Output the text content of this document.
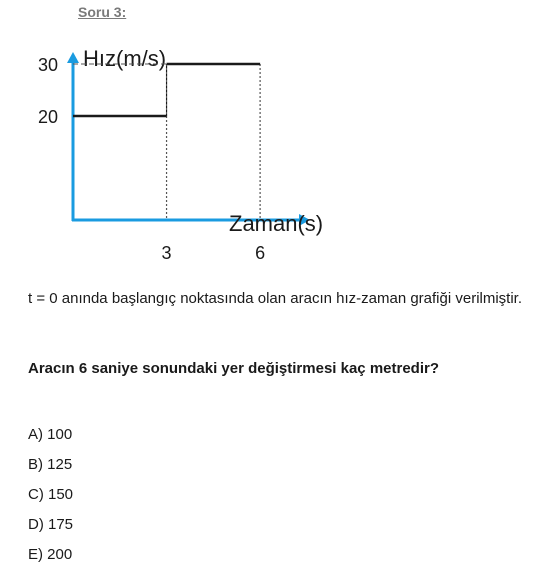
Soru 3:
Hız(m/s)
Zaman(s)
3	6
30
20
t = 0 anında başlangıç noktasında olan aracın hız-zaman grafiği verilmiştir.
Aracın 6 saniye sonundaki yer değiştirmesi kaç metredir?
A) 100
B) 125
C) 150
D) 175
E) 200
